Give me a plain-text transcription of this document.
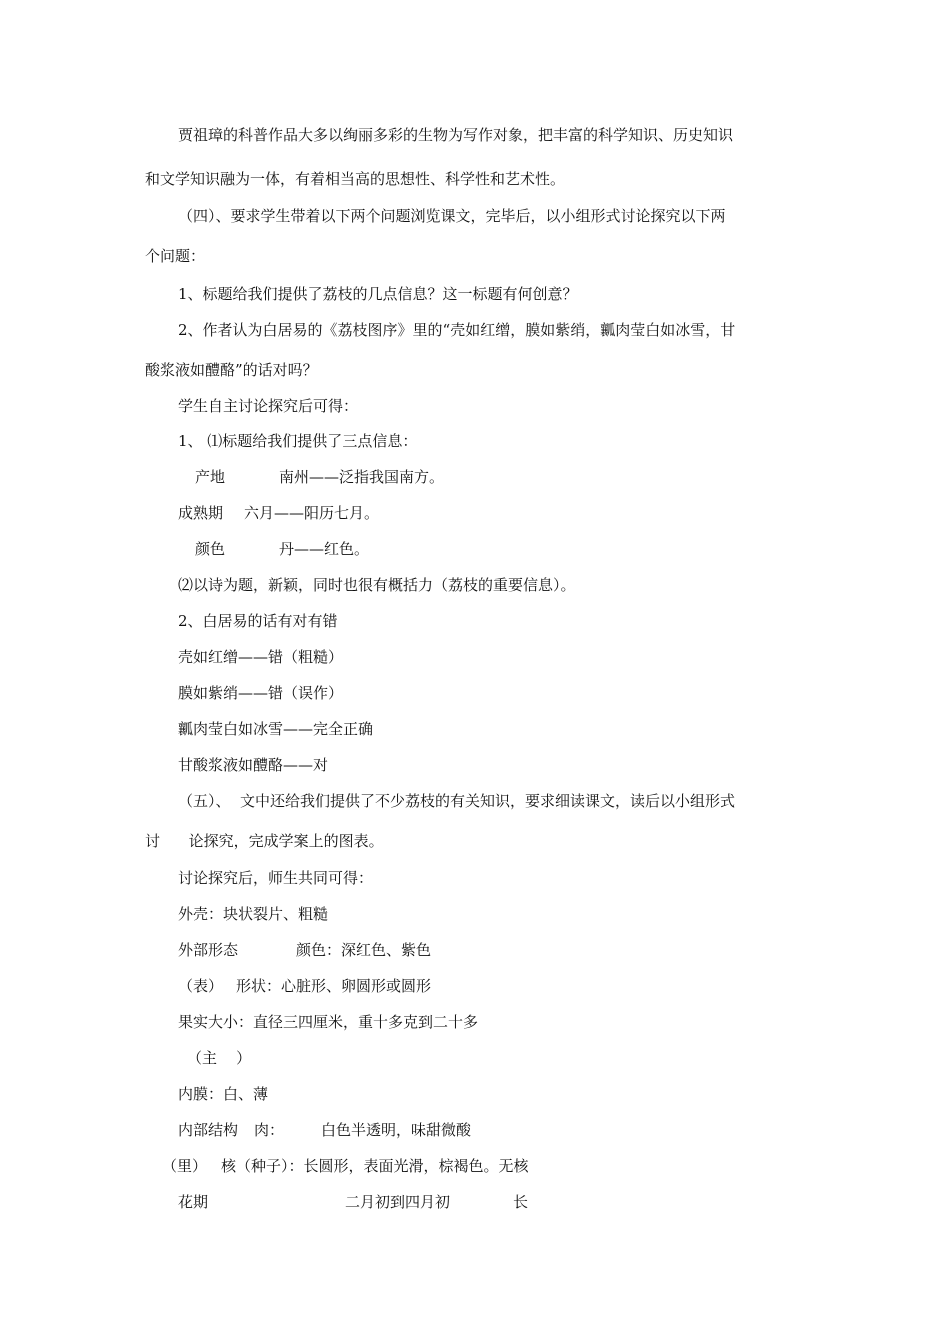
贾祖璋的科普作品大多以绚丽多彩的生物为写作对象，把丰富的科学知识、历史知识
和文学知识融为一体，有着相当高的思想性、科学性和艺术性。
（四）、要求学生带着以下两个问题浏览课文，完毕后，以小组形式讨论探究以下两
个问题：
1、标题给我们提供了荔枝的几点信息？这一标题有何创意？
2、作者认为白居易的《荔枝图序》里的“壳如红缯，膜如紫绡，瓤肉莹白如冰雪，甘
酸浆液如醴酪”的话对吗？
学生自主讨论探究后可得：
1、 ⑴标题给我们提供了三点信息：
产地	南州——泛指我国南方。
成熟期 六月——阳历七月。
颜色	丹——红色。
⑵以诗为题，新颖，同时也很有概括力（荔枝的重要信息）。
2、白居易的话有对有错
壳如红缯——错（粗糙）
膜如紫绡——错（误作）
瓤肉莹白如冰雪——完全正确
甘酸浆液如醴酪——对
（五）、  文中还给我们提供了不少荔枝的有关知识，要求细读课文，读后以小组形式
讨      论探究，完成学案上的图表。
讨论探究后，师生共同可得：
外壳：块状裂片、粗糙
外部形态	颜色：深红色、紫色
（表） 形状：心脏形、卵圆形或圆形
果实大小：直径三四厘米，重十多克到二十多
（主    ）
内膜：白、薄
内部结构 肉： 白色半透明，味甜微酸
（里） 核（种子）：长圆形，表面光滑，棕褐色。无核
花期	二月初到四月初	长
